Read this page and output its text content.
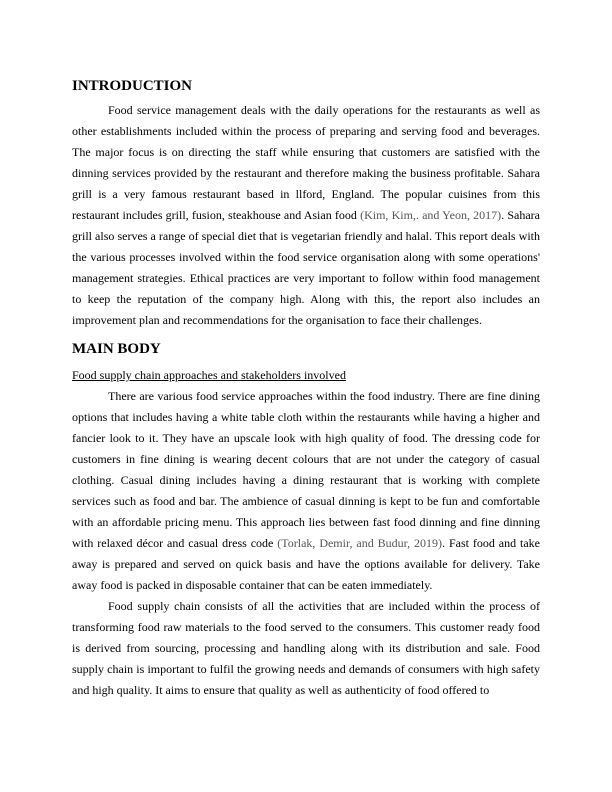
INTRODUCTION

Food service management deals with the daily operations for the restaurants as well as other establishments included within the process of preparing and serving food and beverages. The major focus is on directing the staff while ensuring that customers are satisfied with the dinning services provided by the restaurant and therefore making the business profitable. Sahara grill is a very famous restaurant based in llford, England. The popular cuisines from this restaurant includes grill, fusion, steakhouse and Asian food (Kim, Kim,. and Yeon, 2017). Sahara grill also serves a range of special diet that is vegetarian friendly and halal. This report deals with the various processes involved within the food service organisation along with some operations' management strategies. Ethical practices are very important to follow within food management to keep the reputation of the company high. Along with this, the report also includes an improvement plan and recommendations for the organisation to face their challenges.

MAIN BODY
Food supply chain approaches and stakeholders involved

There are various food service approaches within the food industry. There are fine dining options that includes having a white table cloth within the restaurants while having a higher and fancier look to it. They have an upscale look with high quality of food. The dressing code for customers in fine dining is wearing decent colours that are not under the category of casual clothing. Casual dining includes having a dining restaurant that is working with complete services such as food and bar. The ambience of casual dinning is kept to be fun and comfortable with an affordable pricing menu. This approach lies between fast food dinning and fine dinning with relaxed décor and casual dress code (Torlak, Demir, and Budur, 2019). Fast food and take away is prepared and served on quick basis and have the options available for delivery. Take away food is packed in disposable container that can be eaten immediately.

Food supply chain consists of all the activities that are included within the process of transforming food raw materials to the food served to the consumers. This customer ready food is derived from sourcing, processing and handling along with its distribution and sale. Food supply chain is important to fulfil the growing needs and demands of consumers with high safety and high quality. It aims to ensure that quality as well as authenticity of food offered to
